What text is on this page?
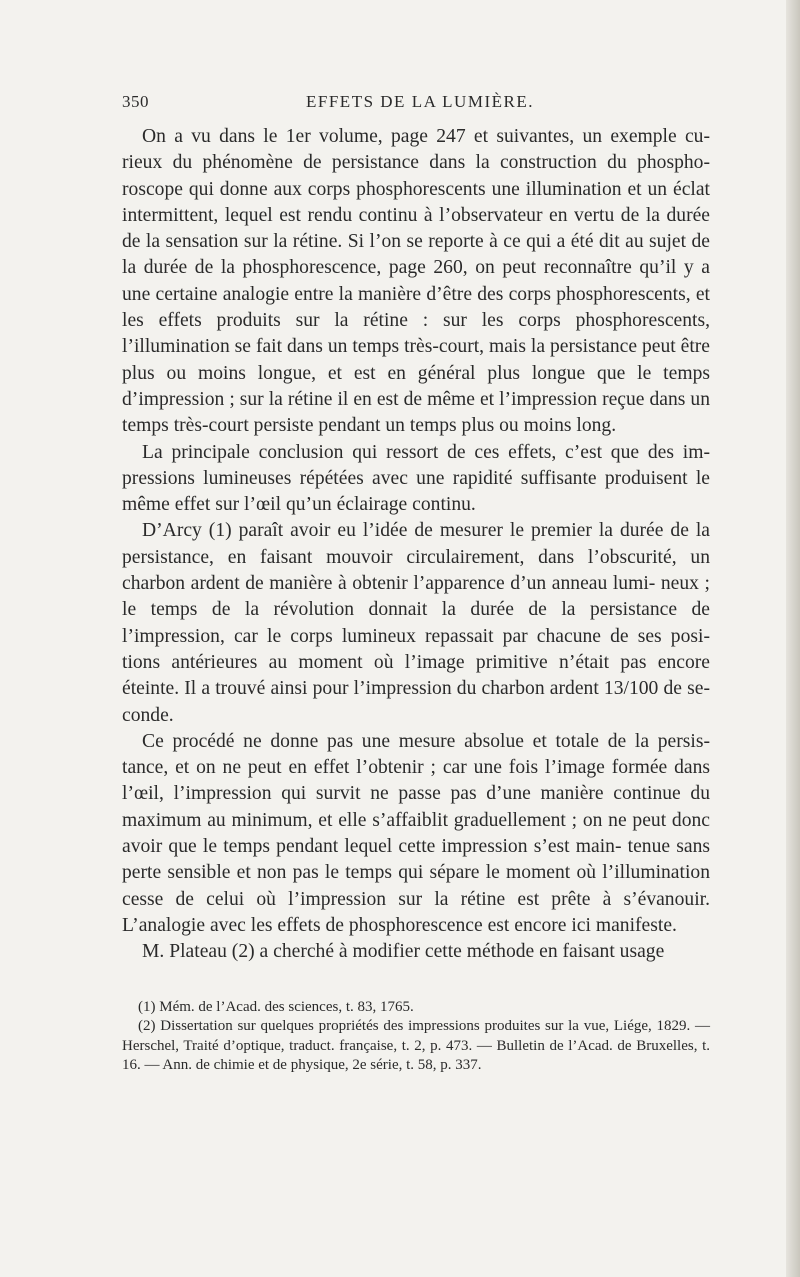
350	EFFETS DE LA LUMIÈRE.

On a vu dans le 1er volume, page 247 et suivantes, un exemple cu- rieux du phénomène de persistance dans la construction du phospho- roscope qui donne aux corps phosphorescents une illumination et un éclat intermittent, lequel est rendu continu à l’observateur en vertu de la durée de la sensation sur la rétine. Si l’on se reporte à ce qui a été dit au sujet de la durée de la phosphorescence, page 260, on peut reconnaître qu’il y a une certaine analogie entre la manière d’être des corps phosphorescents, et les effets produits sur la rétine : sur les corps phosphorescents, l’illumination se fait dans un temps très-court, mais la persistance peut être plus ou moins longue, et est en général plus longue que le temps d’impression ; sur la rétine il en est de même et l’impression reçue dans un temps très-court persiste pendant un temps plus ou moins long.

La principale conclusion qui ressort de ces effets, c’est que des im- pressions lumineuses répétées avec une rapidité suffisante produisent le même effet sur l’œil qu’un éclairage continu.

D’Arcy (1) paraît avoir eu l’idée de mesurer le premier la durée de la persistance, en faisant mouvoir circulairement, dans l’obscurité, un charbon ardent de manière à obtenir l’apparence d’un anneau lumi- neux ; le temps de la révolution donnait la durée de la persistance de l’impression, car le corps lumineux repassait par chacune de ses posi- tions antérieures au moment où l’image primitive n’était pas encore éteinte. Il a trouvé ainsi pour l’impression du charbon ardent 13/100 de se- conde.

Ce procédé ne donne pas une mesure absolue et totale de la persis- tance, et on ne peut en effet l’obtenir ; car une fois l’image formée dans l’œil, l’impression qui survit ne passe pas d’une manière continue du maximum au minimum, et elle s’affaiblit graduellement ; on ne peut donc avoir que le temps pendant lequel cette impression s’est main- tenue sans perte sensible et non pas le temps qui sépare le moment où l’illumination cesse de celui où l’impression sur la rétine est prête à s’évanouir. L’analogie avec les effets de phosphorescence est encore ici manifeste.

M. Plateau (2) a cherché à modifier cette méthode en faisant usage

(1) Mém. de l’Acad. des sciences, t. 83, 1765.

(2) Dissertation sur quelques propriétés des impressions produites sur la vue, Liége, 1829. — Herschel, Traité d’optique, traduct. française, t. 2, p. 473. — Bulletin de l’Acad. de Bruxelles, t. 16. — Ann. de chimie et de physique, 2e série, t. 58, p. 337.
